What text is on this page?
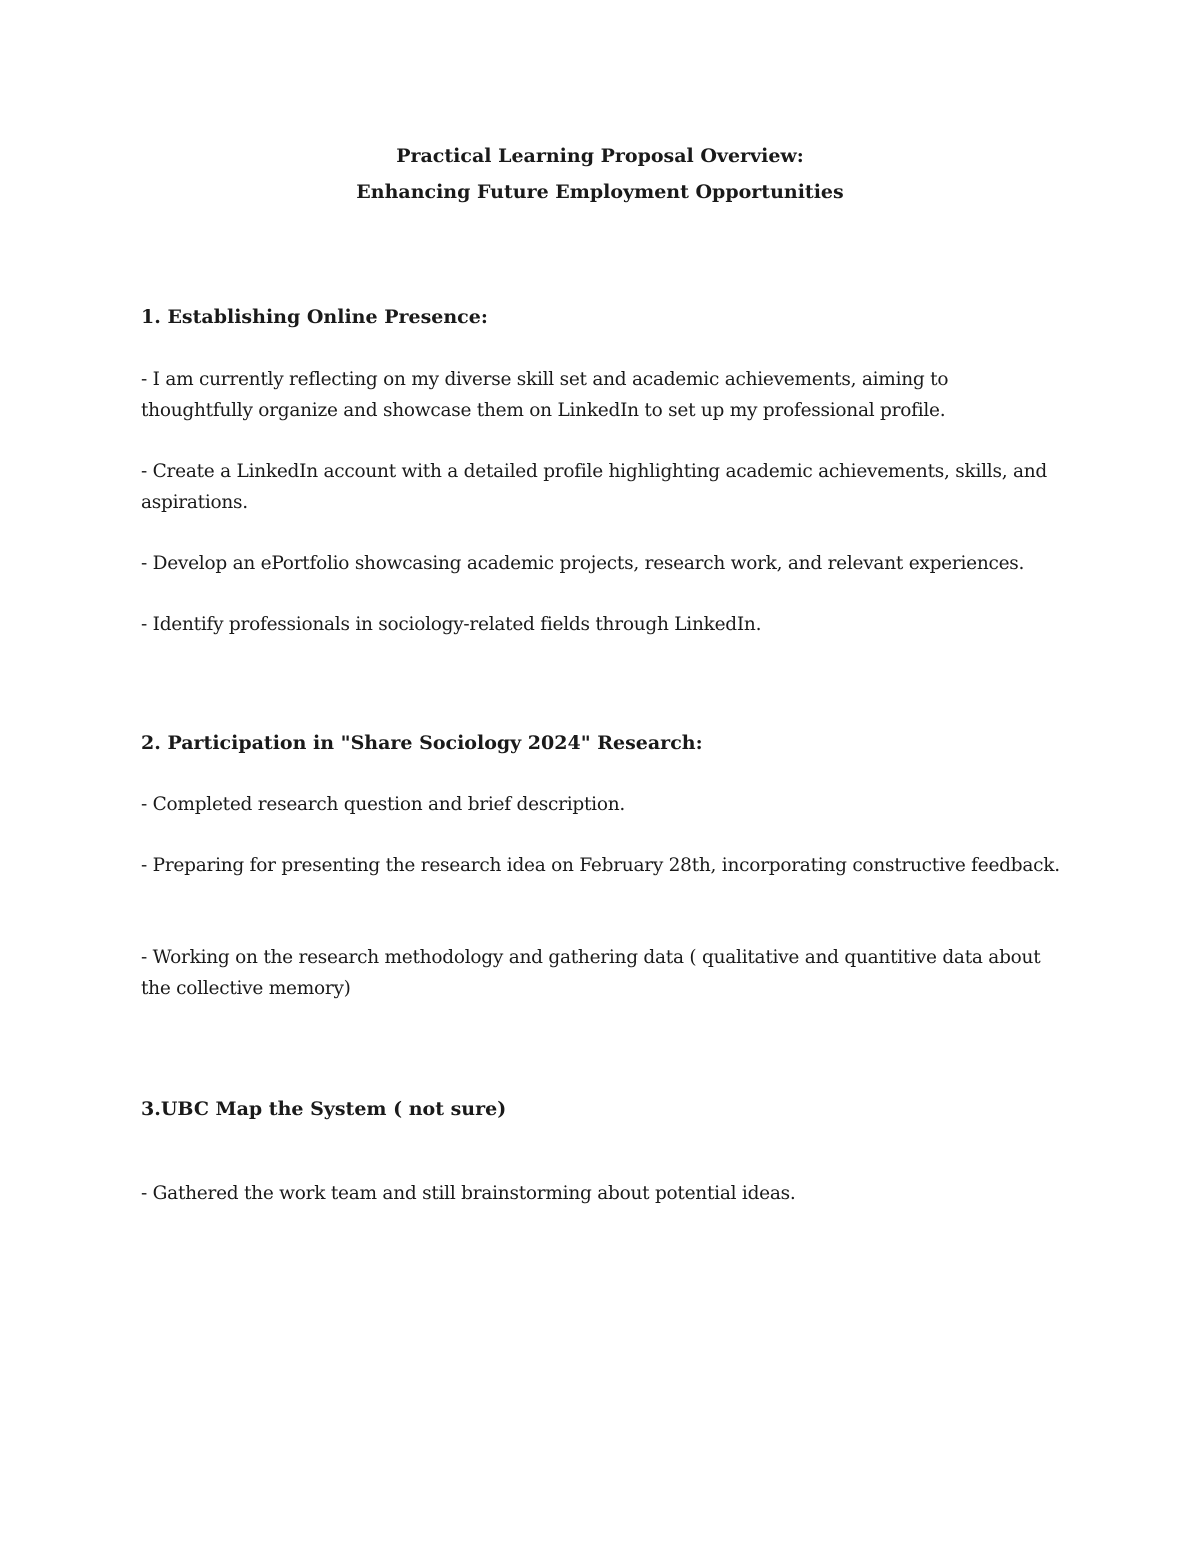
Practical Learning Proposal Overview:
Enhancing Future Employment Opportunities
1. Establishing Online Presence:
- I am currently reflecting on my diverse skill set and academic achievements, aiming to thoughtfully organize and showcase them on LinkedIn to set up my professional profile.
- Create a LinkedIn account with a detailed profile highlighting academic achievements, skills, and aspirations.
- Develop an ePortfolio showcasing academic projects, research work, and relevant experiences.
- Identify professionals in sociology-related fields through LinkedIn.
2. Participation in "Share Sociology 2024" Research:
- Completed research question and brief description.
- Preparing for presenting the research idea on February 28th, incorporating constructive feedback.
- Working on the research methodology and gathering data ( qualitative and quantitive data about the collective memory)
3.UBC Map the System ( not sure)
- Gathered the work team and still brainstorming about potential ideas.
